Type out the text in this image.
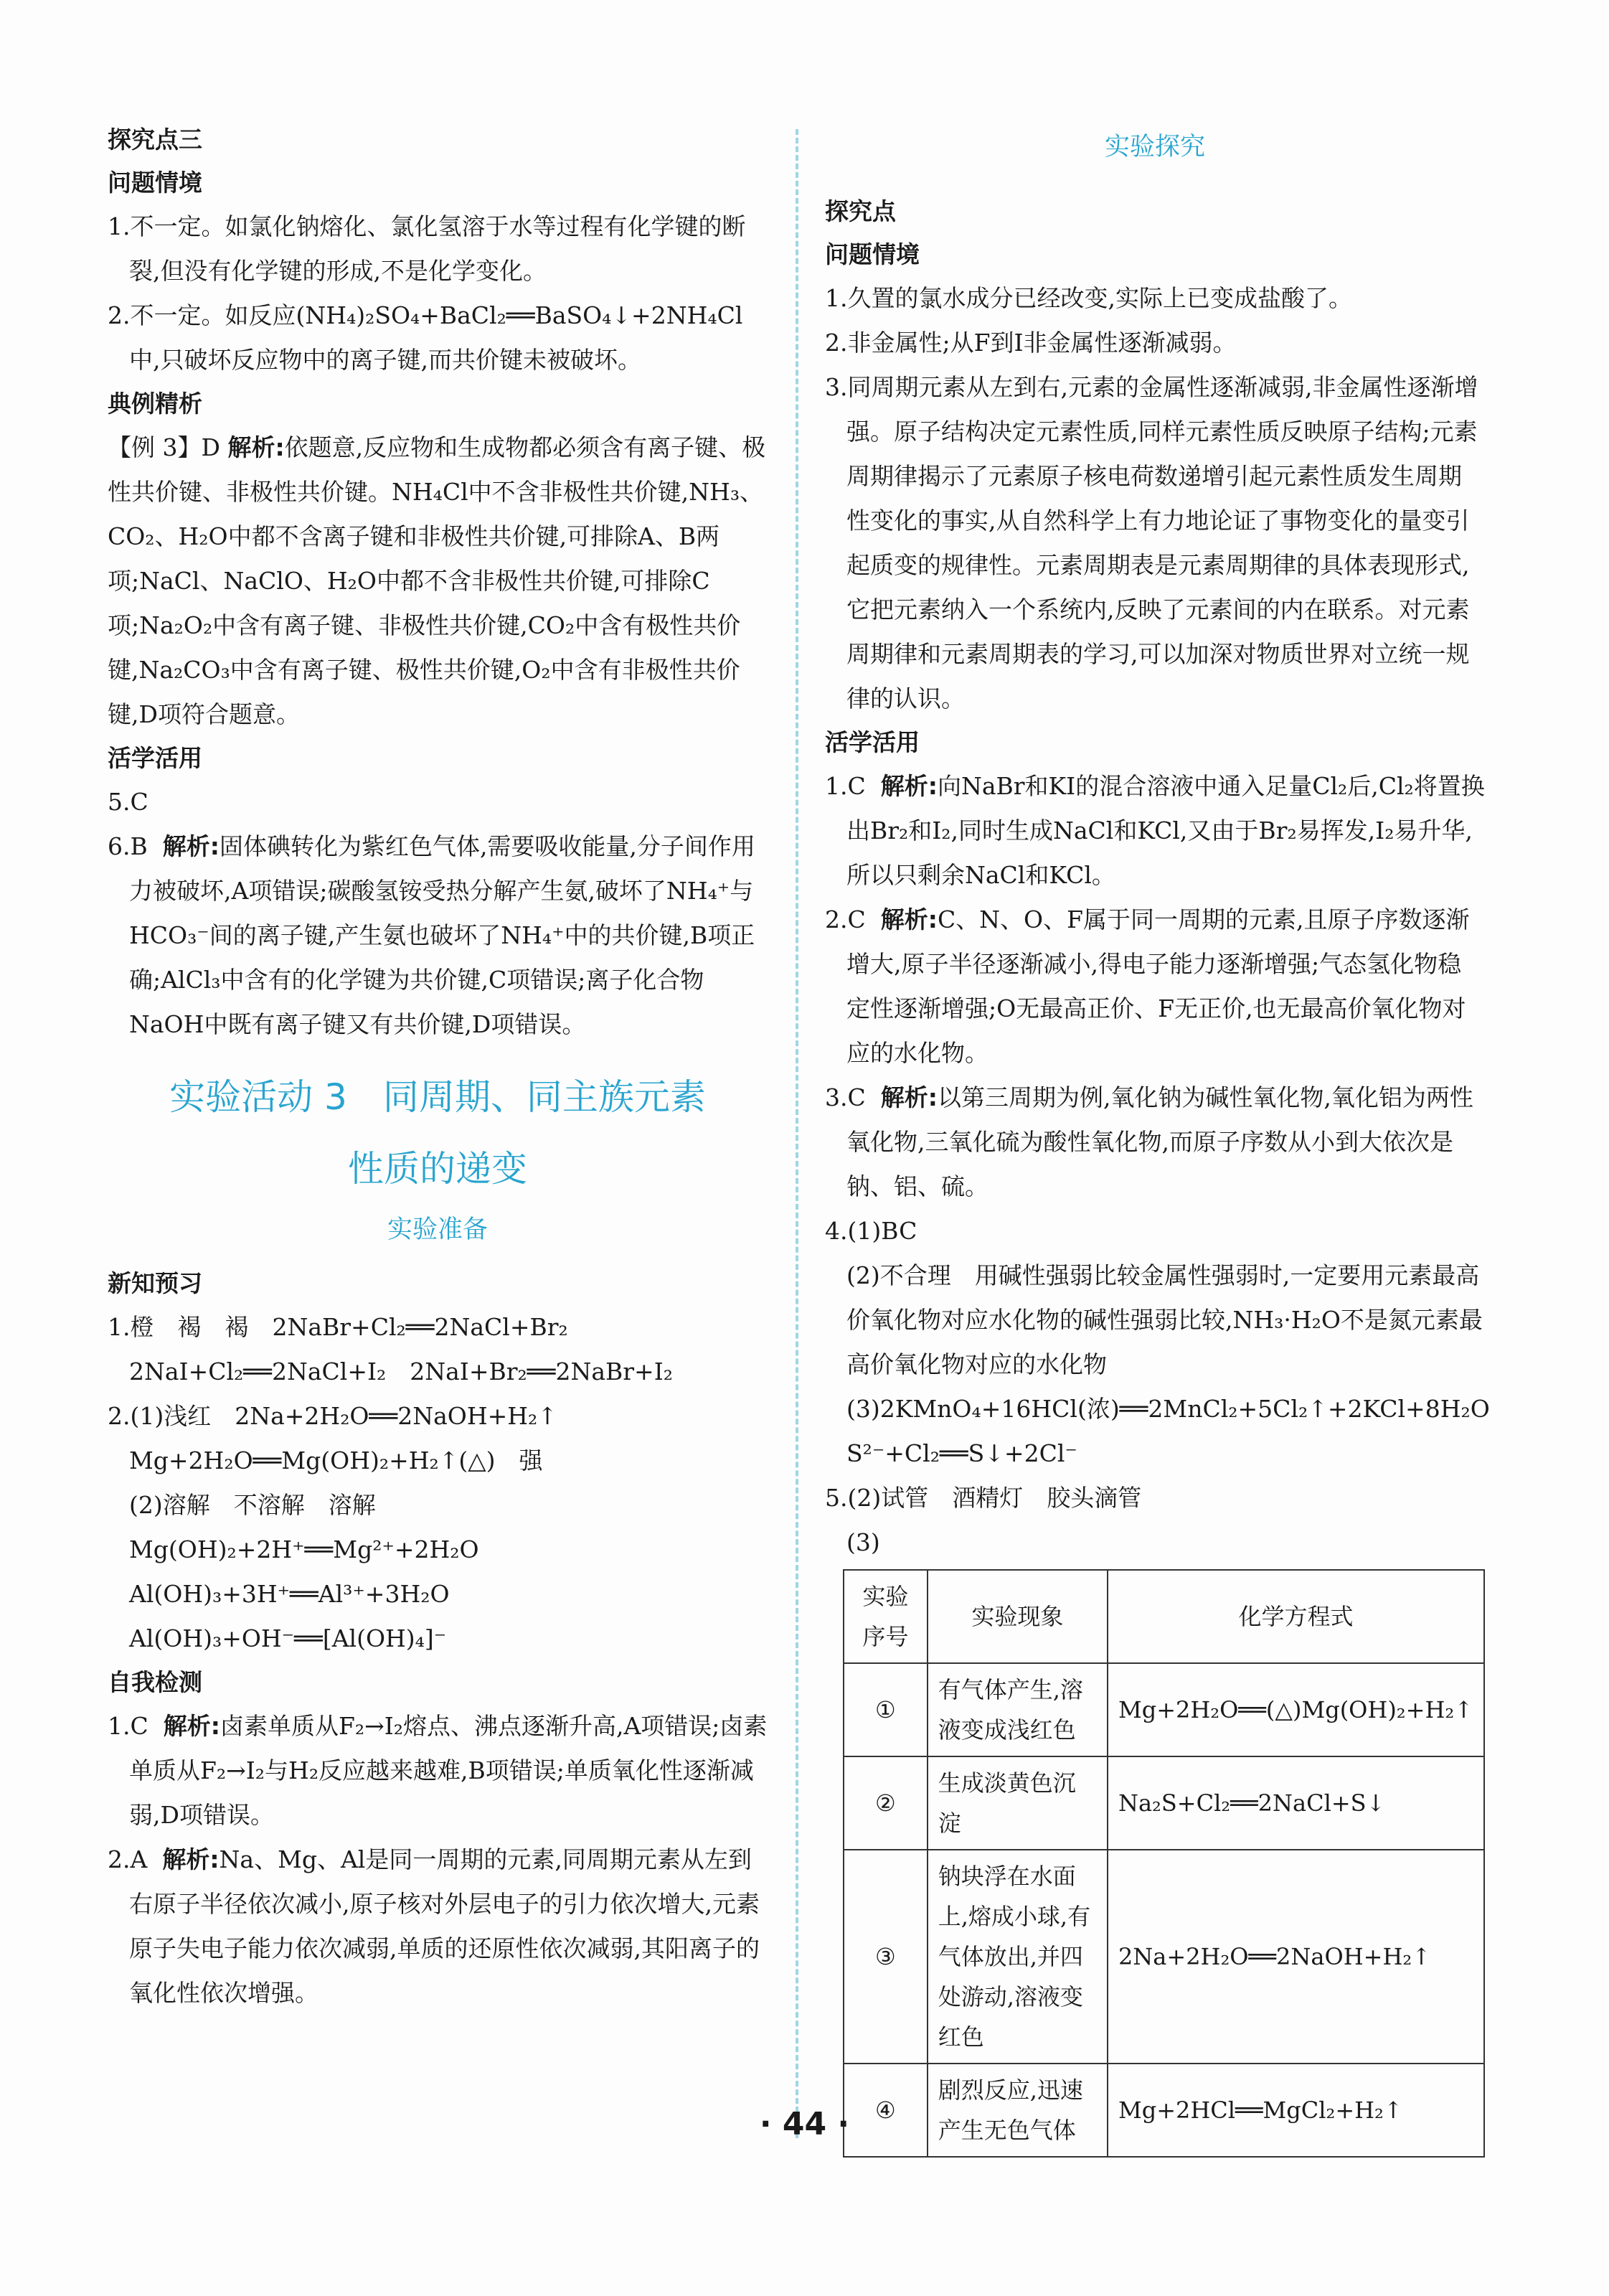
探究点三
问题情境
1.不一定。如氯化钠熔化、氯化氢溶于水等过程有化学键的断裂,但没有化学键的形成,不是化学变化。
2.不一定。如反应(NH₄)₂SO₄+BaCl₂══BaSO₄↓+2NH₄Cl中,只破坏反应物中的离子键,而共价键未被破坏。
典例精析
【例 3】D 解析:依题意,反应物和生成物都必须含有离子键、极性共价键、非极性共价键。NH₄Cl中不含非极性共价键,NH₃、CO₂、H₂O中都不含离子键和非极性共价键,可排除A、B两项;NaCl、NaClO、H₂O中都不含非极性共价键,可排除C项;Na₂O₂中含有离子键、非极性共价键,CO₂中含有极性共价键,Na₂CO₃中含有离子键、极性共价键,O₂中含有非极性共价键,D项符合题意。
活学活用
5.C
6.B 解析:固体碘转化为紫红色气体,需要吸收能量,分子间作用力被破坏,A项错误;碳酸氢铵受热分解产生氨,破坏了NH₄⁺与HCO₃⁻间的离子键,产生氨也破坏了NH₄⁺中的共价键,B项正确;AlCl₃中含有的化学键为共价键,C项错误;离子化合物NaOH中既有离子键又有共价键,D项错误。
实验活动 3　同周期、同主族元素
性质的递变
实验准备
新知预习
1.橙　褐　褐　2NaBr+Cl₂══2NaCl+Br₂　2NaI+Cl₂══2NaCl+I₂　2NaI+Br₂══2NaBr+I₂
2.(1)浅红　2Na+2H₂O══2NaOH+H₂↑　Mg+2H₂O══Mg(OH)₂+H₂↑(△)　强
(2)溶解　不溶解　溶解
Mg(OH)₂+2H⁺══Mg²⁺+2H₂O
Al(OH)₃+3H⁺══Al³⁺+3H₂O
Al(OH)₃+OH⁻══[Al(OH)₄]⁻
自我检测
1.C 解析:卤素单质从F₂→I₂熔点、沸点逐渐升高,A项错误;卤素单质从F₂→I₂与H₂反应越来越难,B项错误;单质氧化性逐渐减弱,D项错误。
2.A 解析:Na、Mg、Al是同一周期的元素,同周期元素从左到右原子半径依次减小,原子核对外层电子的引力依次增大,元素原子失电子能力依次减弱,单质的还原性依次减弱,其阳离子的氧化性依次增强。
实验探究
探究点
问题情境
1.久置的氯水成分已经改变,实际上已变成盐酸了。
2.非金属性;从F到I非金属性逐渐减弱。
3.同周期元素从左到右,元素的金属性逐渐减弱,非金属性逐渐增强。原子结构决定元素性质,同样元素性质反映原子结构;元素周期律揭示了元素原子核电荷数递增引起元素性质发生周期性变化的事实,从自然科学上有力地论证了事物变化的量变引起质变的规律性。元素周期表是元素周期律的具体表现形式,它把元素纳入一个系统内,反映了元素间的内在联系。对元素周期律和元素周期表的学习,可以加深对物质世界对立统一规律的认识。
活学活用
1.C 解析:向NaBr和KI的混合溶液中通入足量Cl₂后,Cl₂将置换出Br₂和I₂,同时生成NaCl和KCl,又由于Br₂易挥发,I₂易升华,所以只剩余NaCl和KCl。
2.C 解析:C、N、O、F属于同一周期的元素,且原子序数逐渐增大,原子半径逐渐减小,得电子能力逐渐增强;气态氢化物稳定性逐渐增强;O无最高正价、F无正价,也无最高价氧化物对应的水化物。
3.C 解析:以第三周期为例,氧化钠为碱性氧化物,氧化铝为两性氧化物,三氧化硫为酸性氧化物,而原子序数从小到大依次是钠、铝、硫。
4.(1)BC
(2)不合理　用碱性强弱比较金属性强弱时,一定要用元素最高价氧化物对应水化物的碱性强弱比较,NH₃·H₂O不是氮元素最高价氧化物对应的水化物
(3)2KMnO₄+16HCl(浓)══2MnCl₂+5Cl₂↑+2KCl+8H₂O　S²⁻+Cl₂══S↓+2Cl⁻
5.(2)试管　酒精灯　胶头滴管
(3)
实验序号	实验现象	化学方程式
①	有气体产生,溶液变成浅红色	Mg+2H₂O══(△)Mg(OH)₂+H₂↑
②	生成淡黄色沉淀	Na₂S+Cl₂══2NaCl+S↓
③	钠块浮在水面上,熔成小球,有气体放出,并四处游动,溶液变红色	2Na+2H₂O══2NaOH+H₂↑
④	剧烈反应,迅速产生无色气体	Mg+2HCl══MgCl₂+H₂↑
· 44 ·
